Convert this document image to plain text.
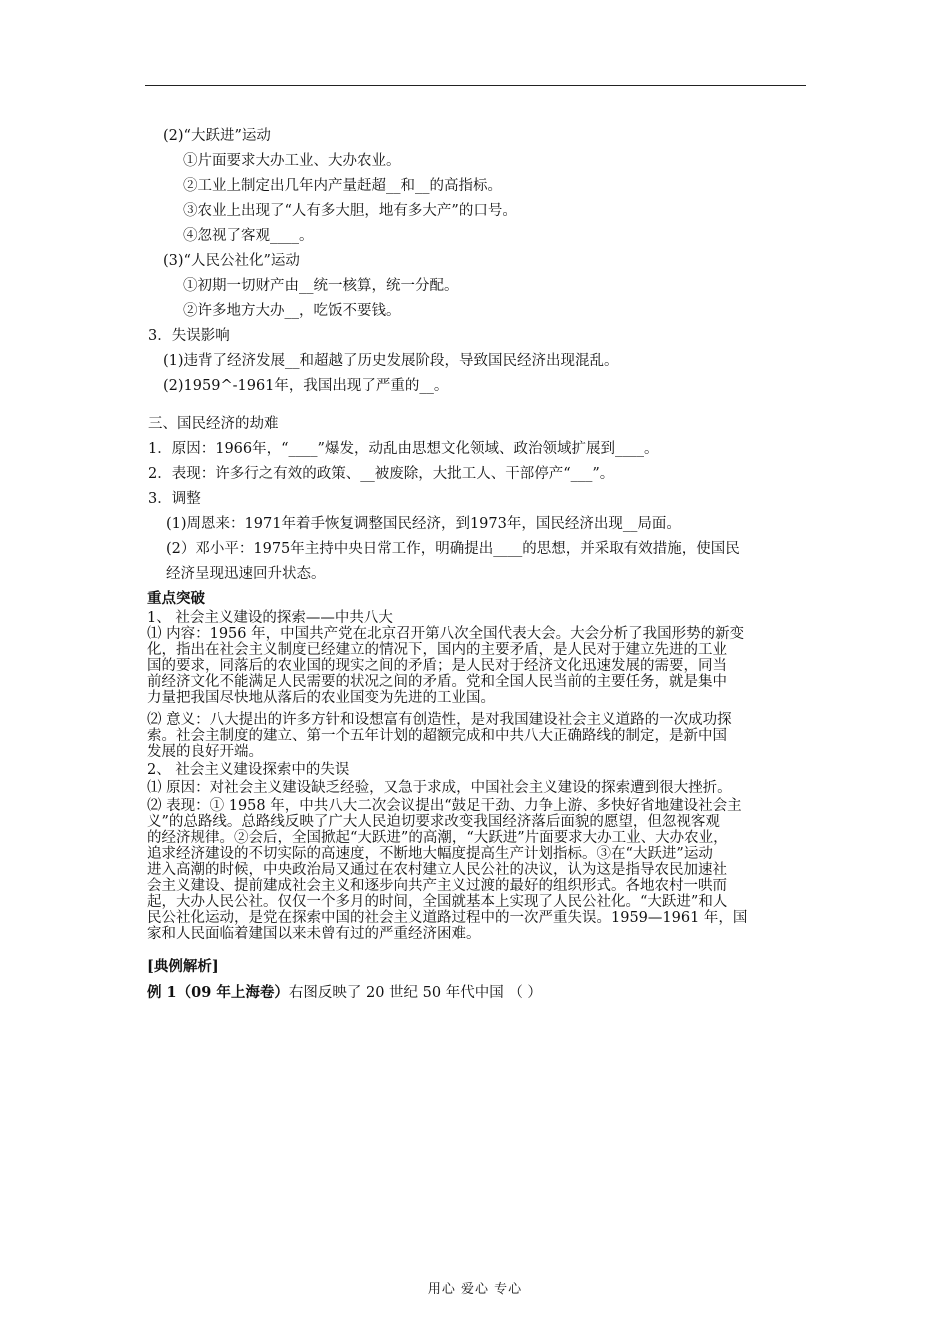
(2)“大跃进”运动
①片面要求大办工业、大办农业。
②工业上制定出几年内产量赶超__和__的高指标。
③农业上出现了“人有多大胆，地有多大产”的口号。
④忽视了客观____。
(3)“人民公社化”运动
①初期一切财产由__统一核算，统一分配。
②许多地方大办__，吃饭不要钱。
3．失误影响
(1)违背了经济发展__和超越了历史发展阶段，导致国民经济出现混乱。
(2)1959^-1961年，我国出现了严重的__。
三、国民经济的劫难
1．原因：1966年，“____”爆发，动乱由思想文化领域、政治领域扩展到____。
2．表现：许多行之有效的政策、__被废除，大批工人、干部停产“___”。
3．调整
(1)周恩来：1971年着手恢复调整国民经济，到1973年，国民经济出现__局面。
(2）邓小平：1975年主持中央日常工作，明确提出____的思想，并采取有效措施，使国民
经济呈现迅速回升状态。
重点突破
1、 社会主义建设的探索——中共八大
⑴ 内容：1956 年，中国共产党在北京召开第八次全国代表大会。大会分析了我国形势的新变
化，指出在社会主义制度已经建立的情况下，国内的主要矛盾，是人民对于建立先进的工业
国的要求，同落后的农业国的现实之间的矛盾；是人民对于经济文化迅速发展的需要，同当
前经济文化不能满足人民需要的状况之间的矛盾。党和全国人民当前的主要任务，就是集中
力量把我国尽快地从落后的农业国变为先进的工业国。
⑵ 意义：八大提出的许多方针和设想富有创造性，是对我国建设社会主义道路的一次成功探
索。社会主制度的建立、第一个五年计划的超额完成和中共八大正确路线的制定，是新中国
发展的良好开端。
2、 社会主义建设探索中的失误
⑴ 原因：对社会主义建设缺乏经验，又急于求成，中国社会主义建设的探索遭到很大挫折。
⑵ 表现：① 1958 年，中共八大二次会议提出“鼓足干劲、力争上游、多快好省地建设社会主
义”的总路线。总路线反映了广大人民迫切要求改变我国经济落后面貌的愿望，但忽视客观
的经济规律。②会后，全国掀起“大跃进”的高潮，“大跃进”片面要求大办工业、大办农业，
追求经济建设的不切实际的高速度，不断地大幅度提高生产计划指标。③在“大跃进”运动
进入高潮的时候，中央政治局又通过在农村建立人民公社的决议，认为这是指导农民加速社
会主义建设、提前建成社会主义和逐步向共产主义过渡的最好的组织形式。各地农村一哄而
起，大办人民公社。仅仅一个多月的时间，全国就基本上实现了人民公社化。“大跃进”和人
民公社化运动，是党在探索中国的社会主义道路过程中的一次严重失误。1959—1961 年，国
家和人民面临着建国以来未曾有过的严重经济困难。
[典例解析]
例 1（09 年上海卷）右图反映了 20 世纪 50 年代中国 （ ）
用心 爱心 专心
